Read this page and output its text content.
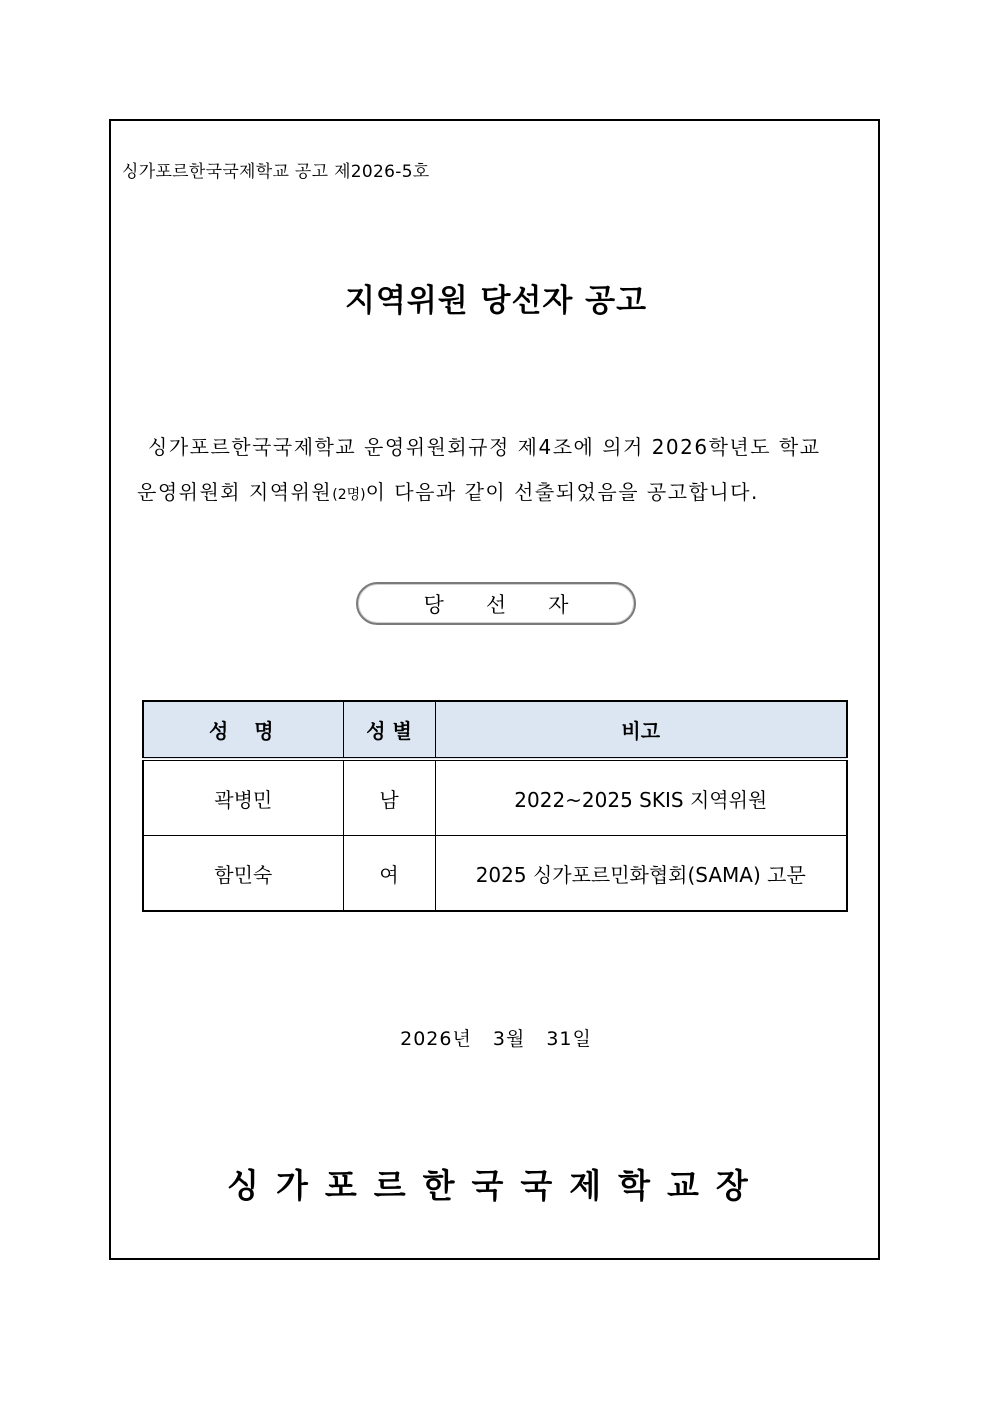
싱가포르한국국제학교 공고 제2026-5호
지역위원 당선자 공고
싱가포르한국국제학교 운영위원회규정 제4조에 의거 2026학년도 학교
운영위원회 지역위원(2명)이 다음과 같이 선출되었음을 공고합니다.
당 선 자
성  명	성 별	비고
곽병민	남	2022~2025 SKIS 지역위원
함민숙	여	2025 싱가포르민화협회(SAMA) 고문
2026년 3월 31일
싱가포르한국국제학교장
